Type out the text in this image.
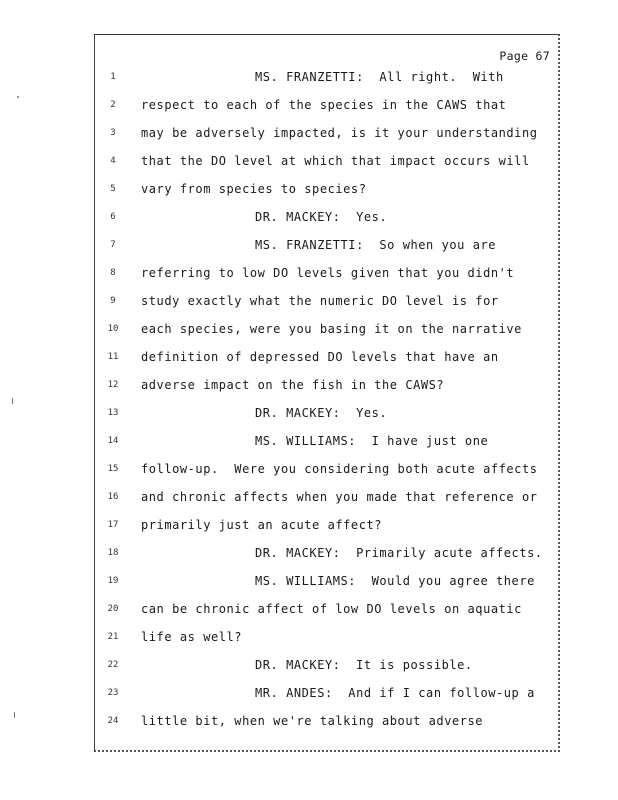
Page 67
1	MS. FRANZETTI:  All right.  With
2	respect to each of the species in the CAWS that
3	may be adversely impacted, is it your understanding
4	that the DO level at which that impact occurs will
5	vary from species to species?
6	DR. MACKEY:  Yes.
7	MS. FRANZETTI:  So when you are
8	referring to low DO levels given that you didn't
9	study exactly what the numeric DO level is for
10	each species, were you basing it on the narrative
11	definition of depressed DO levels that have an
12	adverse impact on the fish in the CAWS?
13	DR. MACKEY:  Yes.
14	MS. WILLIAMS:  I have just one
15	follow-up.  Were you considering both acute affects
16	and chronic affects when you made that reference or
17	primarily just an acute affect?
18	DR. MACKEY:  Primarily acute affects.
19	MS. WILLIAMS:  Would you agree there
20	can be chronic affect of low DO levels on aquatic
21	life as well?
22	DR. MACKEY:  It is possible.
23	MR. ANDES:  And if I can follow-up a
24	little bit, when we're talking about adverse
